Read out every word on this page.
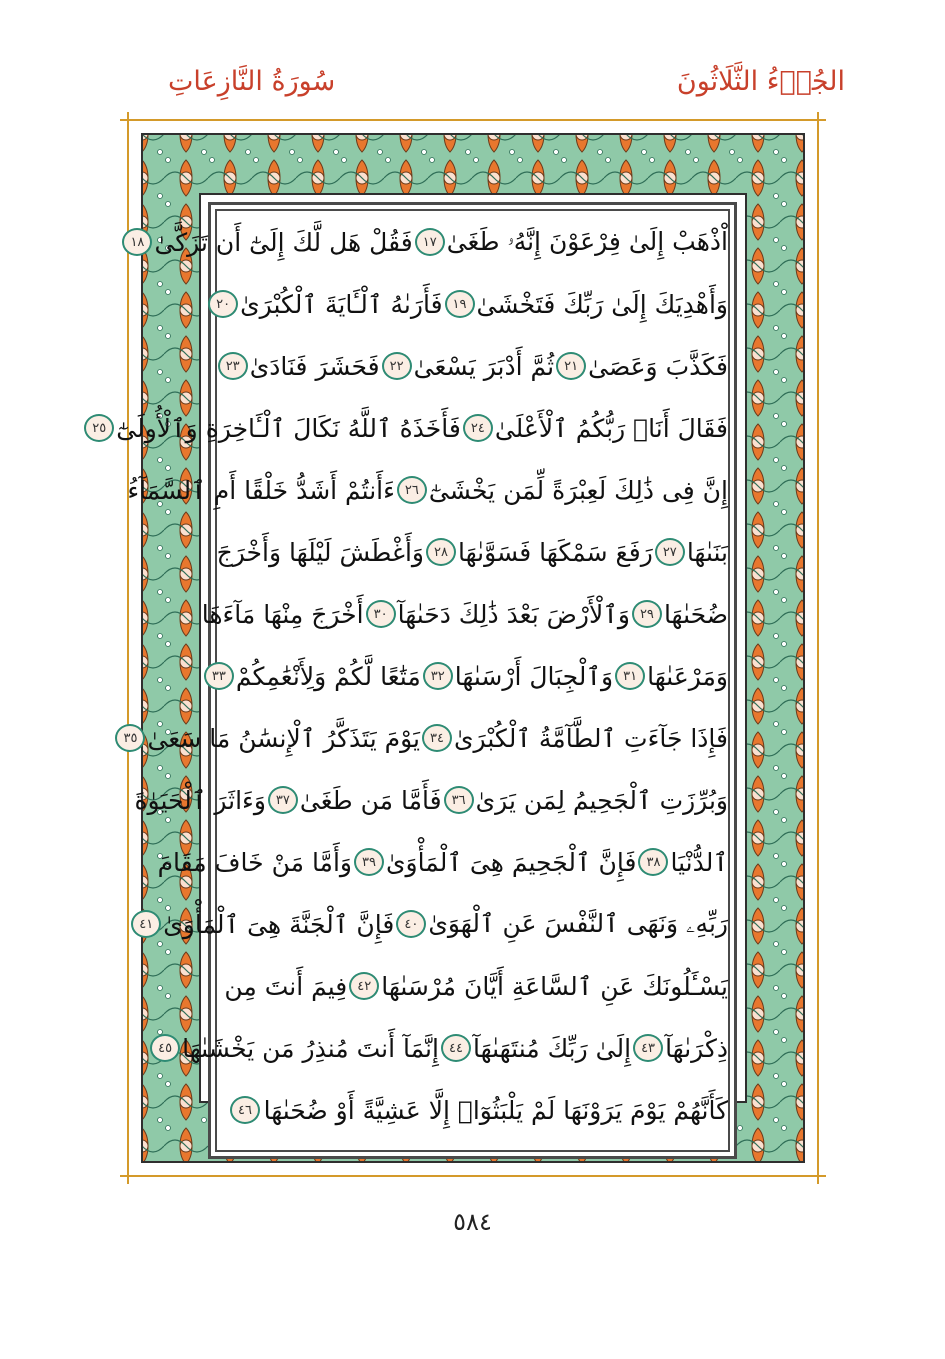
الجُزۡءُ الثَّلَاثُونَ
سُورَةُ النَّازِعَاتِ
اْذْهَبْ إِلَىٰ فِرْعَوْنَ إِنَّهُۥ طَغَىٰ
١٧
فَقُلْ هَل لَّكَ إِلَىٰٓ أَن تَزَكَّىٰ
١٨
وَأَهْدِيَكَ إِلَىٰ رَبِّكَ فَتَخْشَىٰ
١٩
فَأَرَىٰهُ ٱلْـَٔايَةَ ٱلْكُبْرَىٰ
٢٠
فَكَذَّبَ وَعَصَىٰ
٢١
ثُمَّ أَدْبَرَ يَسْعَىٰ
٢٢
فَحَشَرَ فَنَادَىٰ
٢٣
فَقَالَ أَنَا۠ رَبُّكُمُ ٱلْأَعْلَىٰ
٢٤
فَأَخَذَهُ ٱللَّهُ نَكَالَ ٱلْـَٔاخِرَةِ وَٱلْأُولَىٰٓ
٢٥
إِنَّ فِى ذَٰلِكَ لَعِبْرَةً لِّمَن يَخْشَىٰٓ
٢٦
ءَأَنتُمْ أَشَدُّ خَلْقًا أَمِ ٱلسَّمَآءُ
بَنَىٰهَا
٢٧
رَفَعَ سَمْكَهَا فَسَوَّىٰهَا
٢٨
وَأَغْطَشَ لَيْلَهَا وَأَخْرَجَ
ضُحَىٰهَا
٢٩
وَٱلْأَرْضَ بَعْدَ ذَٰلِكَ دَحَىٰهَآ
٣٠
أَخْرَجَ مِنْهَا مَآءَهَا
وَمَرْعَىٰهَا
٣١
وَٱلْجِبَالَ أَرْسَىٰهَا
٣٢
مَتَٰعًا لَّكُمْ وَلِأَنْعَٰمِكُمْ
٣٣
فَإِذَا جَآءَتِ ٱلطَّآمَّةُ ٱلْكُبْرَىٰ
٣٤
يَوْمَ يَتَذَكَّرُ ٱلْإِنسَٰنُ مَا سَعَىٰ
٣٥
وَبُرِّزَتِ ٱلْجَحِيمُ لِمَن يَرَىٰ
٣٦
فَأَمَّا مَن طَغَىٰ
٣٧
وَءَاثَرَ ٱلْحَيَوٰةَ
ٱلدُّنْيَا
٣٨
فَإِنَّ ٱلْجَحِيمَ هِىَ ٱلْمَأْوَىٰ
٣٩
وَأَمَّا مَنْ خَافَ مَقَامَ
رَبِّهِۦ وَنَهَى ٱلنَّفْسَ عَنِ ٱلْهَوَىٰ
٤٠
فَإِنَّ ٱلْجَنَّةَ هِىَ ٱلْمَأْوَىٰ
٤١
يَسْـَٔلُونَكَ عَنِ ٱلسَّاعَةِ أَيَّانَ مُرْسَىٰهَا
٤٢
فِيمَ أَنتَ مِن
ذِكْرَىٰهَآ
٤٣
إِلَىٰ رَبِّكَ مُنتَهَىٰهَآ
٤٤
إِنَّمَآ أَنتَ مُنذِرُ مَن يَخْشَىٰهَا
٤٥
كَأَنَّهُمْ يَوْمَ يَرَوْنَهَا لَمْ يَلْبَثُوٓا۟ إِلَّا عَشِيَّةً أَوْ ضُحَىٰهَا
٤٦
٥٨٤
